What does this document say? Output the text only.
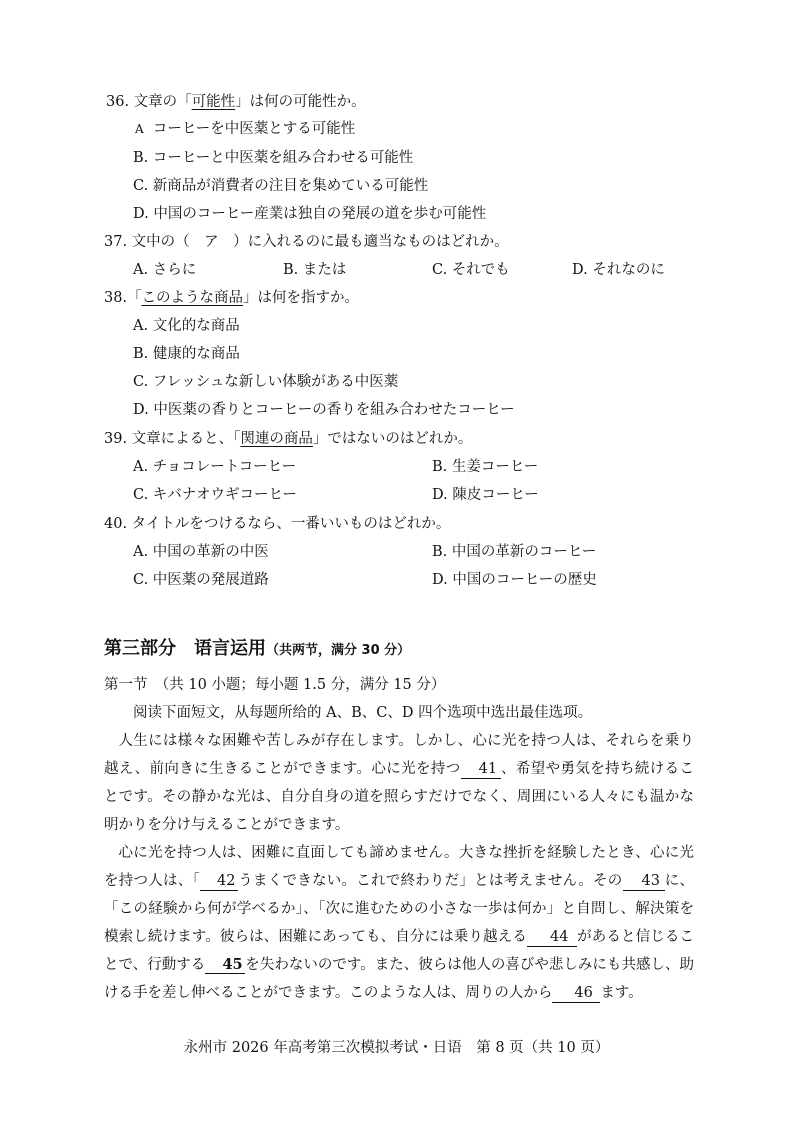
36. 文章の「可能性」は何の可能性か。
A コーヒーを中医薬とする可能性
B. コーヒーと中医薬を組み合わせる可能性
C. 新商品が消費者の注目を集めている可能性
D. 中国のコーヒー産業は独自の発展の道を歩む可能性
37. 文中の（　ア　）に入れるのに最も適当なものはどれか。
A. さらに	B. または	C. それでも	D. それなのに
38.「このような商品」は何を指すか。
A. 文化的な商品
B. 健康的な商品
C. フレッシュな新しい体験がある中医薬
D. 中医薬の香りとコーヒーの香りを組み合わせたコーヒー
39. 文章によると、「関連の商品」ではないのはどれか。
A. チョコレートコーヒー	B. 生姜コーヒー
C. キバナオウギコーヒー	D. 陳皮コーヒー
40. タイトルをつけるなら、一番いいものはどれか。
A. 中国の革新の中医	B. 中国の革新のコーヒー
C. 中医薬の発展道路	D. 中国のコーヒーの歴史
第三部分　语言运用（共两节，满分 30 分）
第一节　（共 10 小题；每小题 1.5 分，满分 15 分）
阅读下面短文，从每题所给的 A、B、C、D 四个选项中选出最佳选项。
人生には様々な困難や苦しみが存在します。しかし、心に光を持つ人は、それらを乗り越え、前向きに生きることができます。心に光を持つ 41 、希望や勇気を持ち続けることです。その静かな光は、自分自身の道を照らすだけでなく、周囲にいる人々にも温かな明かりを分け与えることができます。
心に光を持つ人は、困難に直面しても諦めません。大きな挫折を経験したとき、心に光を持つ人は、「 42 うまくできない。これで終わりだ」とは考えません。その 43 に、「この経験から何が学べるか」、「次に進むための小さな一歩は何か」と自問し、解決策を模索し続けます。彼らは、困難にあっても、自分には乗り越える 44 があると信じることで、行動する 45 を失わないのです。また、彼らは他人の喜びや悲しみにも共感し、助ける手を差し伸べることができます。このような人は、周りの人から 46 ます。
永州市 2026 年高考第三次模拟考试・日语　第 8 页（共 10 页）
